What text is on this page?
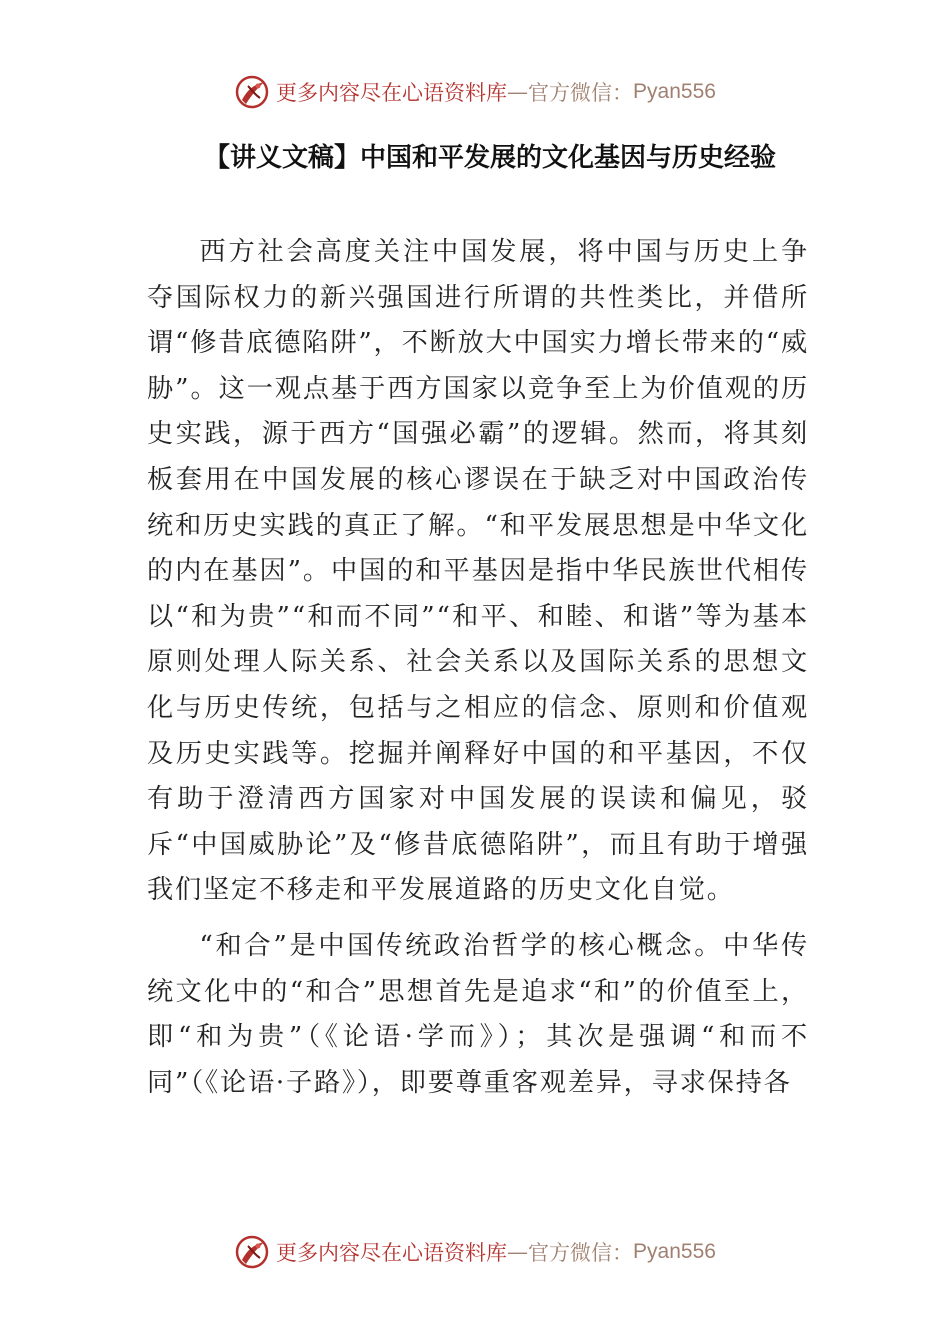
更多内容尽在心语资料库 — 官方微信： Pyan556
【讲义文稿】中国和平发展的文化基因与历史经验

西方社会高度关注中国发展，将中国与历史上争夺国际权力的新兴强国进行所谓的共性类比，并借所谓“修昔底德陷阱”，不断放大中国实力增长带来的“威胁”。这一观点基于西方国家以竞争至上为价值观的历史实践，源于西方“国强必霸”的逻辑。然而，将其刻板套用在中国发展的核心谬误在于缺乏对中国政治传统和历史实践的真正了解。“和平发展思想是中华文化的内在基因”。中国的和平基因是指中华民族世代相传以“和为贵”“和而不同”“和平、和睦、和谐”等为基本原则处理人际关系、社会关系以及国际关系的思想文化与历史传统，包括与之相应的信念、原则和价值观及历史实践等。挖掘并阐释好中国的和平基因，不仅有助于澄清西方国家对中国发展的误读和偏见，驳斥“中国威胁论”及“修昔底德陷阱”，而且有助于增强我们坚定不移走和平发展道路的历史文化自觉。

“和合”是中国传统政治哲学的核心概念。中华传统文化中的“和合”思想首先是追求“和”的价值至上，即“和为贵”（《论语·学而》）；其次是强调“和而不同”（《论语·子路》），即要尊重客观差异，寻求保持各

更多内容尽在心语资料库 — 官方微信： Pyan556
